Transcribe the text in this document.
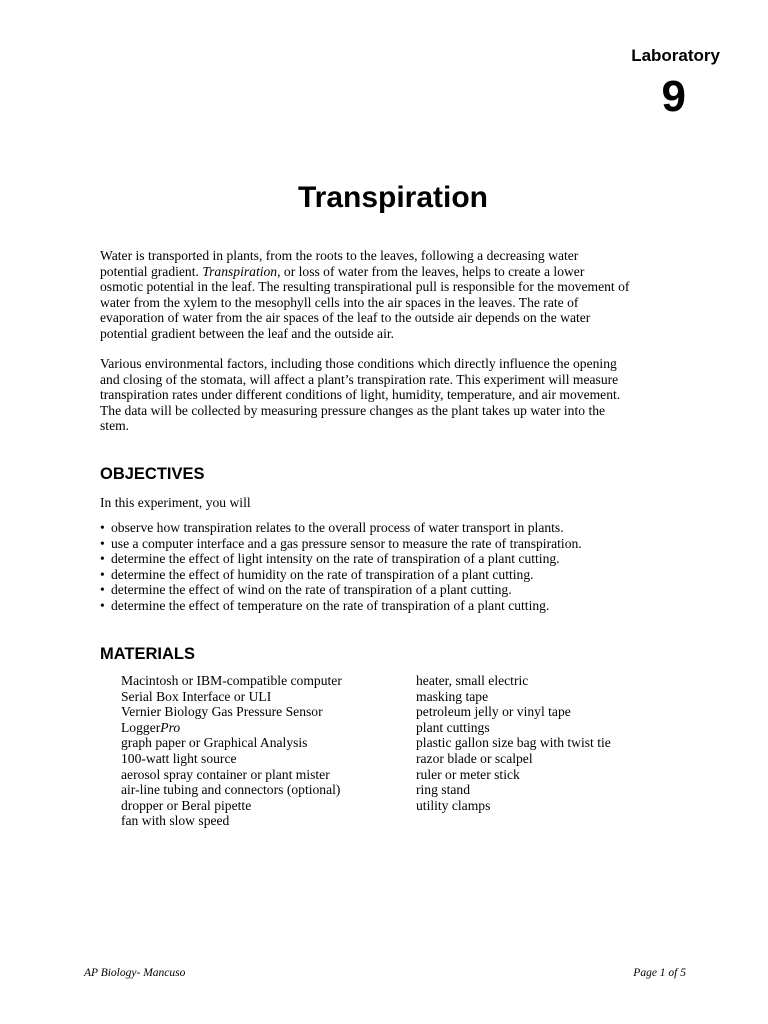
Laboratory
9
Transpiration

Water is transported in plants, from the roots to the leaves, following a decreasing water
potential gradient. Transpiration, or loss of water from the leaves, helps to create a lower
osmotic potential in the leaf. The resulting transpirational pull is responsible for the movement of
water from the xylem to the mesophyll cells into the air spaces in the leaves. The rate of
evaporation of water from the air spaces of the leaf to the outside air depends on the water
potential gradient between the leaf and the outside air.

Various environmental factors, including those conditions which directly influence the opening
and closing of the stomata, will affect a plant’s transpiration rate. This experiment will measure
transpiration rates under different conditions of light, humidity, temperature, and air movement.
The data will be collected by measuring pressure changes as the plant takes up water into the
stem.

OBJECTIVES
In this experiment, you will
• observe how transpiration relates to the overall process of water transport in plants.
• use a computer interface and a gas pressure sensor to measure the rate of transpiration.
• determine the effect of light intensity on the rate of transpiration of a plant cutting.
• determine the effect of humidity on the rate of transpiration of a plant cutting.
• determine the effect of wind on the rate of transpiration of a plant cutting.
• determine the effect of temperature on the rate of transpiration of a plant cutting.
MATERIALS
Macintosh or IBM-compatible computer
Serial Box Interface or ULI
Vernier Biology Gas Pressure Sensor
LoggerPro
graph paper or Graphical Analysis
100-watt light source
aerosol spray container or plant mister
air-line tubing and connectors (optional)
dropper or Beral pipette
fan with slow speed
heater, small electric
masking tape
petroleum jelly or vinyl tape
plant cuttings
plastic gallon size bag with twist tie
razor blade or scalpel
ruler or meter stick
ring stand
utility clamps
AP Biology- Mancuso	Page 1 of 5
